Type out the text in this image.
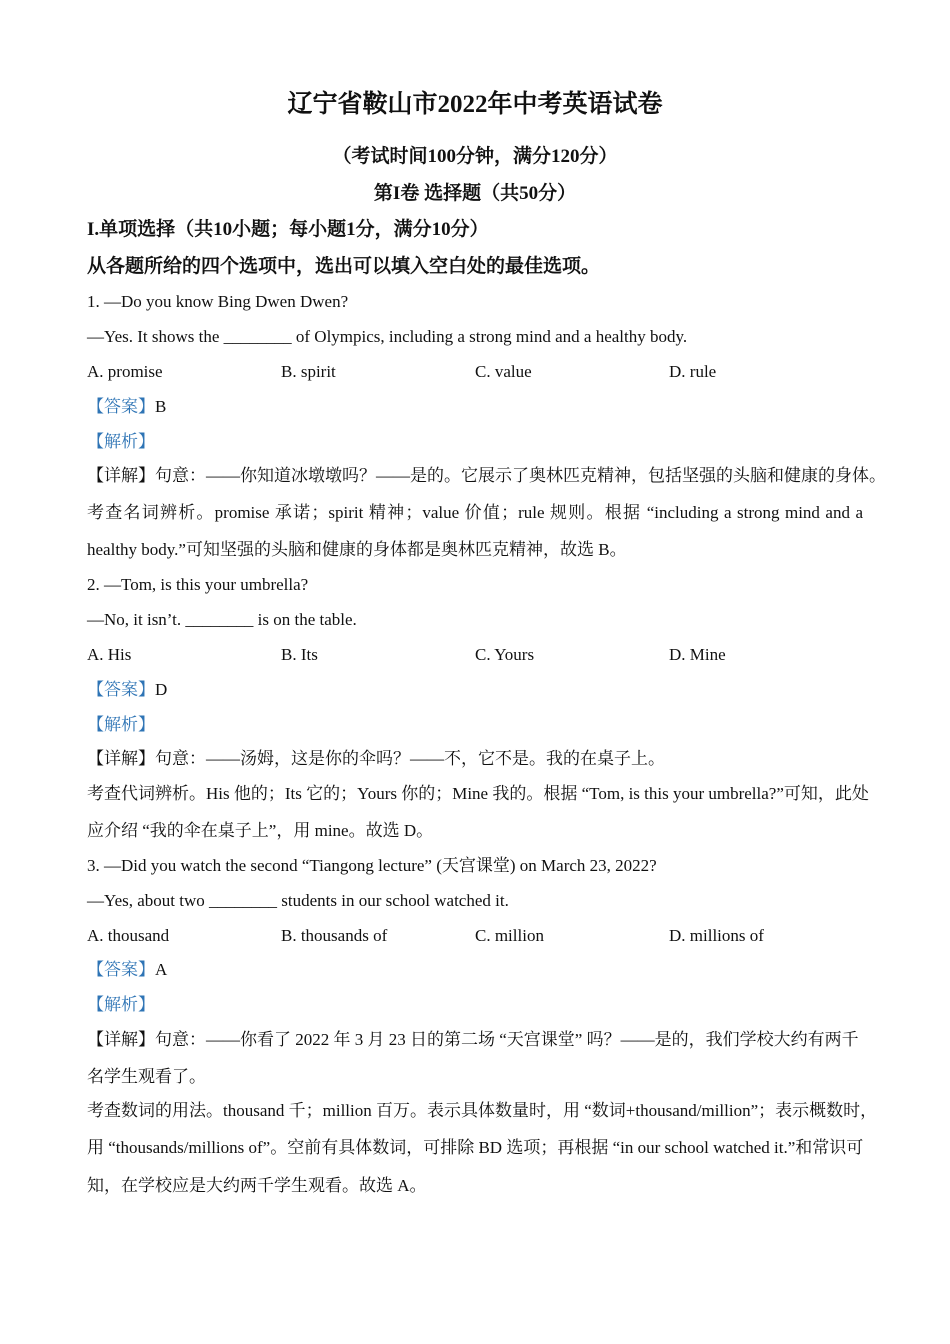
辽宁省鞍山市2022年中考英语试卷
（考试时间100分钟，满分120分）
第I卷 选择题（共50分）
I.单项选择（共10小题；每小题1分，满分10分）
从各题所给的四个选项中，选出可以填入空白处的最佳选项。
1. —Do you know Bing Dwen Dwen?
—Yes. It shows the ________ of Olympics, including a strong mind and a healthy body.
A. promise	B. spirit	C. value	D. rule
【答案】B
【解析】
【详解】句意：——你知道冰墩墩吗？——是的。它展示了奥林匹克精神，包括坚强的头脑和健康的身体。
考查名词辨析。promise 承诺；spirit 精神；value 价值；rule 规则。根据 “including a strong mind and a
healthy body.”可知坚强的头脑和健康的身体都是奥林匹克精神，故选 B。
2. —Tom, is this your umbrella?
—No, it isn’t. ________ is on the table.
A. His	B. Its	C. Yours	D. Mine
【答案】D
【解析】
【详解】句意：——汤姆，这是你的伞吗？——不，它不是。我的在桌子上。
考查代词辨析。His 他的；Its 它的；Yours 你的；Mine 我的。根据 “Tom, is this your umbrella?”可知，此处
应介绍 “我的伞在桌子上”，用 mine。故选 D。
3. —Did you watch the second “Tiangong lecture” (天宫课堂) on March 23, 2022?
—Yes, about two ________ students in our school watched it.
A. thousand	B. thousands of	C. million	D. millions of
【答案】A
【解析】
【详解】句意：——你看了 2022 年 3 月 23 日的第二场 “天宫课堂” 吗？——是的，我们学校大约有两千
名学生观看了。
考查数词的用法。thousand 千；million 百万。表示具体数量时，用 “数词+thousand/million”；表示概数时，
用 “thousands/millions of”。空前有具体数词，可排除 BD 选项；再根据 “in our school watched it.”和常识可
知，在学校应是大约两千学生观看。故选 A。
